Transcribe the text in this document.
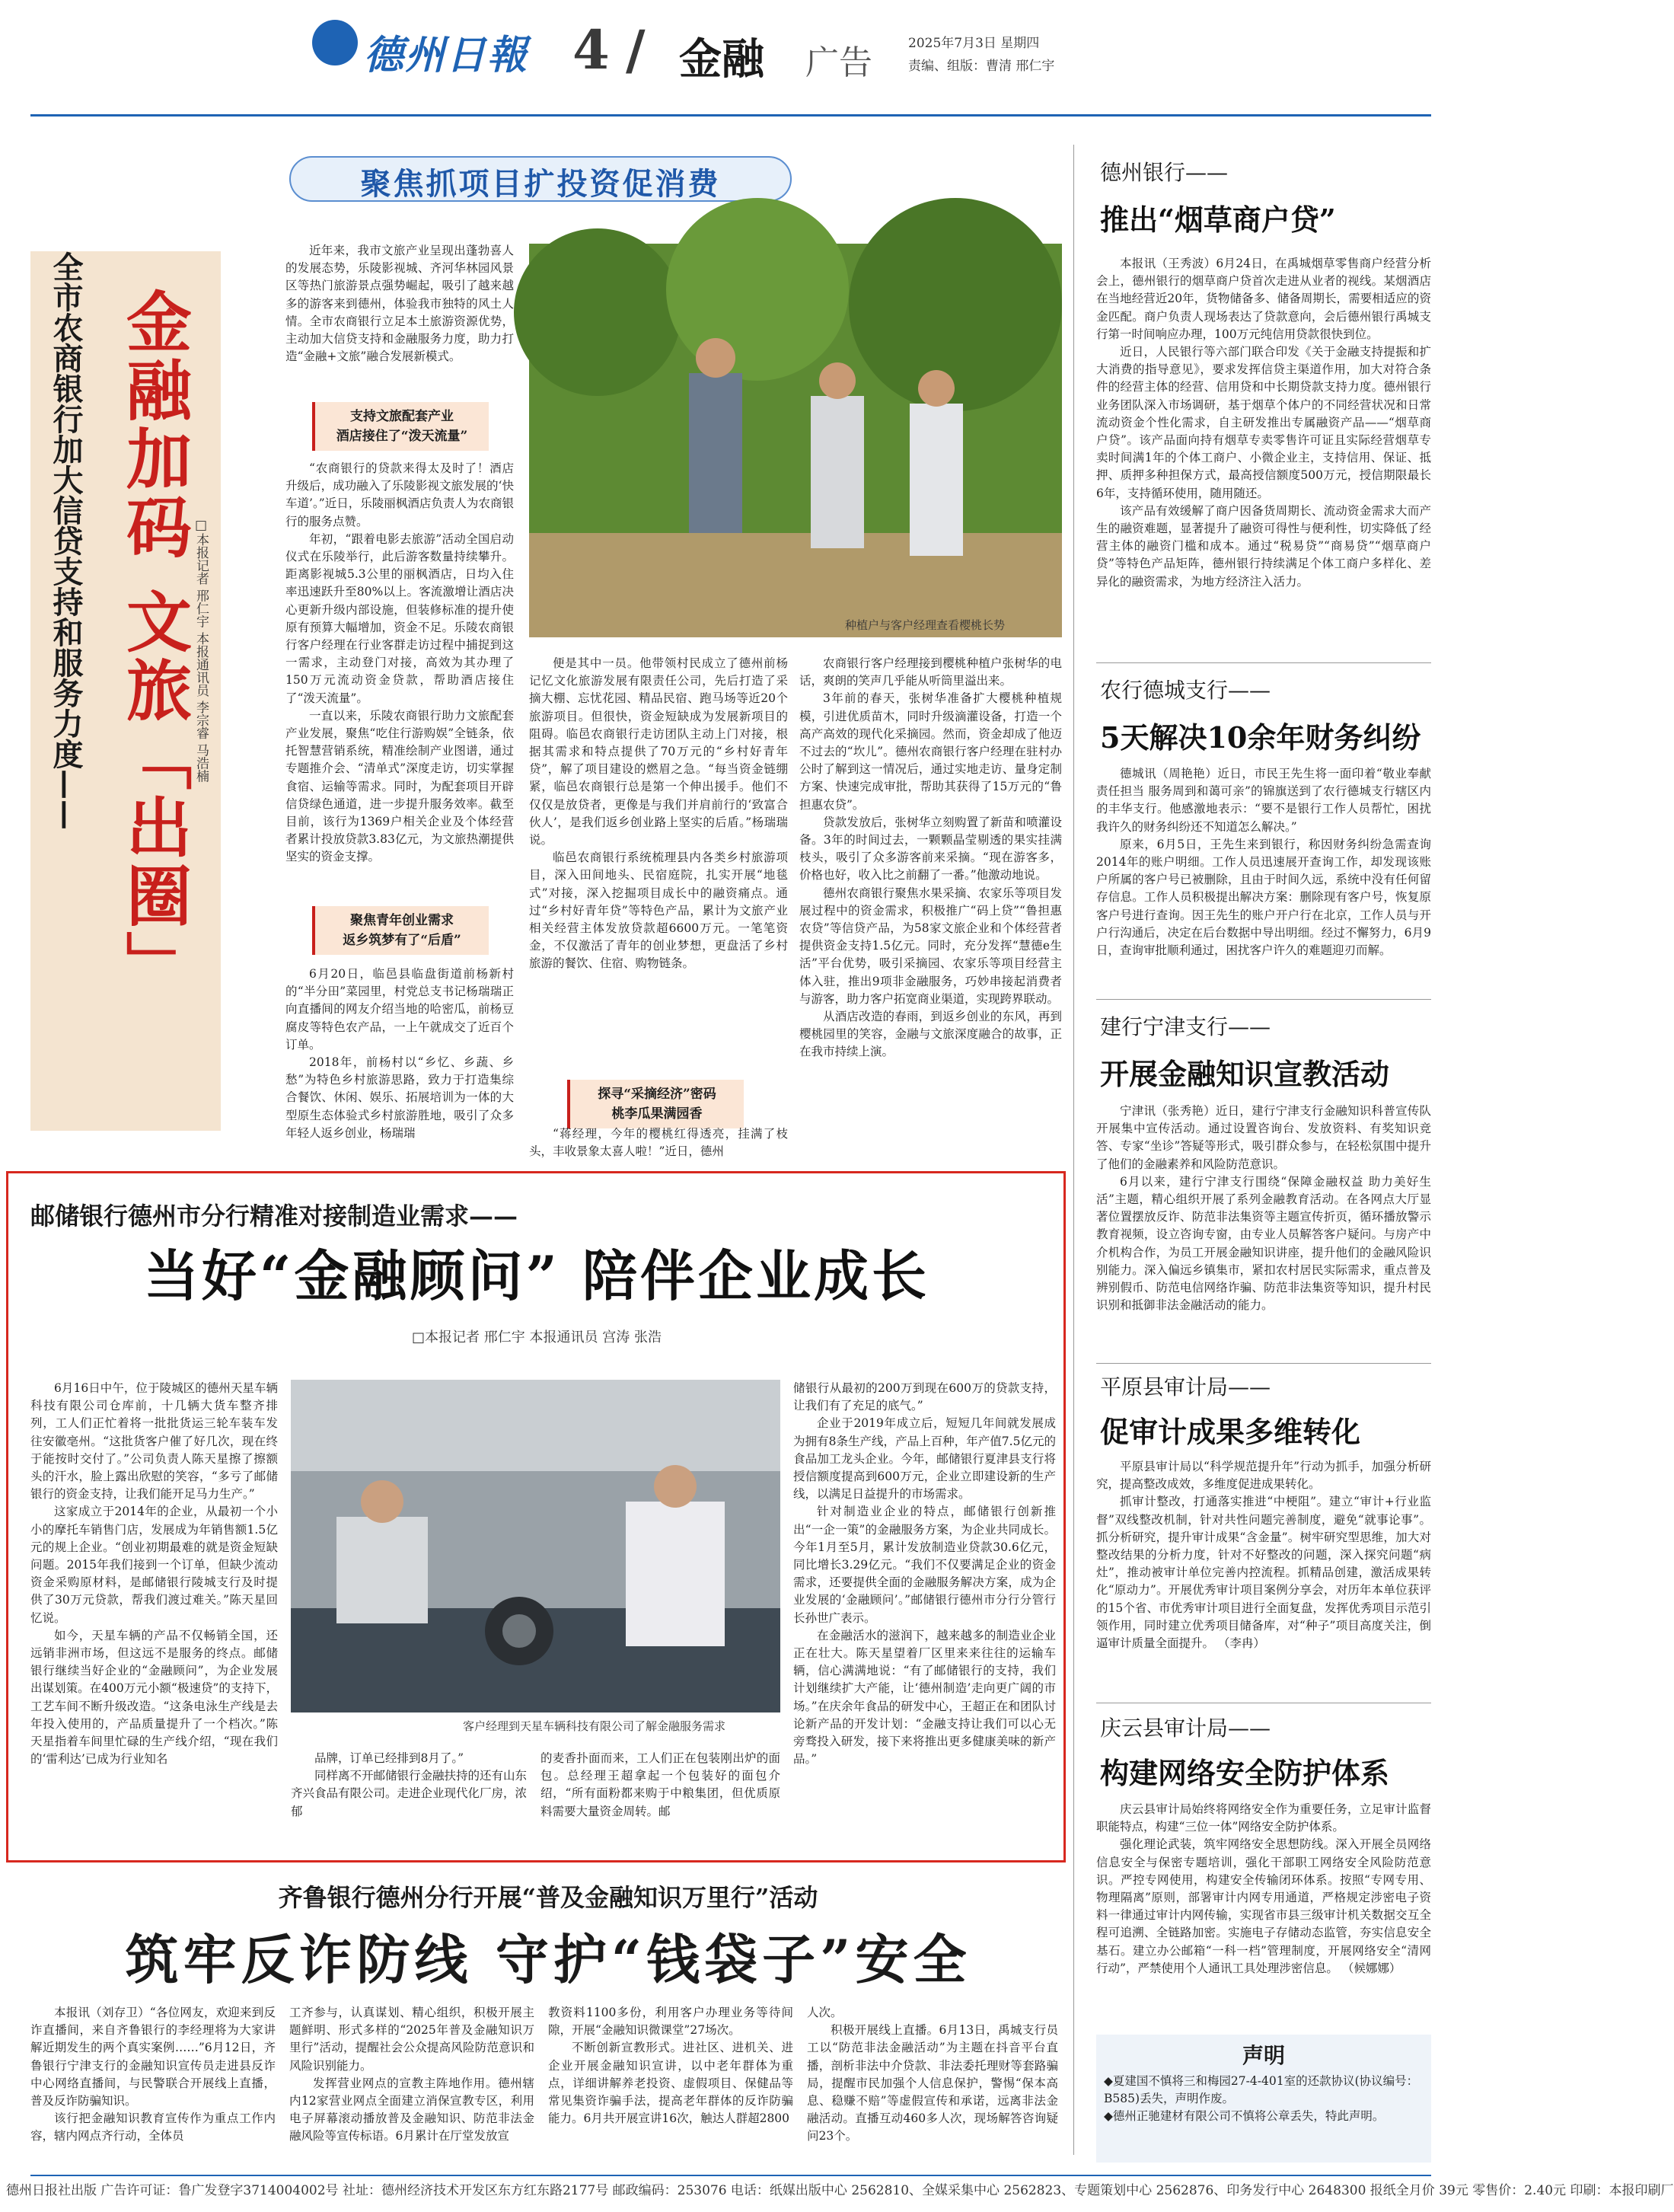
德州日報 4 / 金融 广告	2025年7月3日 星期四
责编、组版：曹清 邢仁宇
聚焦抓项目扩投资促消费
全市农商银行加大信贷支持和服务力度—— 金融加码 文旅「出圈」 □本报记者 邢仁宇 本报通讯员 李宗睿 马浩楠

近年来，我市文旅产业呈现出蓬勃喜人的发展态势，乐陵影视城、齐河华林园风景区等热门旅游景点强势崛起，吸引了越来越多的游客来到德州，体验我市独特的风土人情。全市农商银行立足本土旅游资源优势，主动加大信贷支持和金融服务力度，助力打造“金融+文旅”融合发展新模式。

支持文旅配套产业
酒店接住了“泼天流量”

“农商银行的贷款来得太及时了！酒店升级后，成功融入了乐陵影视文旅发展的‘快车道’。”近日，乐陵丽枫酒店负责人为农商银行的服务点赞。

年初，“跟着电影去旅游”活动全国启动仪式在乐陵举行，此后游客数量持续攀升。距离影视城5.3公里的丽枫酒店，日均入住率迅速跃升至80%以上。客流激增让酒店决心更新升级内部设施，但装修标准的提升使原有预算大幅增加，资金不足。乐陵农商银行客户经理在行业客群走访过程中捕捉到这一需求，主动登门对接，高效为其办理了150万元流动资金贷款，帮助酒店接住了“泼天流量”。

一直以来，乐陵农商银行助力文旅配套产业发展，聚焦“吃住行游购娱”全链条，依托智慧营销系统，精准绘制产业图谱，通过专题推介会、“清单式”深度走访，切实掌握食宿、运输等需求。同时，为配套项目开辟信贷绿色通道，进一步提升服务效率。截至目前，该行为1369户相关企业及个体经营者累计投放贷款3.83亿元，为文旅热潮提供坚实的资金支撑。

聚焦青年创业需求
返乡筑梦有了“后盾”

6月20日，临邑县临盘街道前杨新村的“半分田”菜园里，村党总支书记杨瑞瑞正向直播间的网友介绍当地的哈密瓜，前杨豆腐皮等特色农产品，一上午就成交了近百个订单。

2018年，前杨村以“乡忆、乡蔬、乡愁”为特色乡村旅游思路，致力于打造集综合餐饮、休闲、娱乐、拓展培训为一体的大型原生态体验式乡村旅游胜地，吸引了众多年轻人返乡创业，杨瑞瑞

种植户与客户经理查看樱桃长势

便是其中一员。他带领村民成立了德州前杨记忆文化旅游发展有限责任公司，先后打造了采摘大棚、忘忧花园、精品民宿、跑马场等近20个旅游项目。但很快，资金短缺成为发展新项目的阻碍。临邑农商银行走访团队主动上门对接，根据其需求和特点提供了70万元的“乡村好青年贷”，解了项目建设的燃眉之急。“每当资金链绷紧，临邑农商银行总是第一个伸出援手。他们不仅仅是放贷者，更像是与我们并肩前行的‘致富合伙人’，是我们返乡创业路上坚实的后盾。”杨瑞瑞说。

临邑农商银行系统梳理县内各类乡村旅游项目，深入田间地头、民宿庭院，扎实开展“地毯式”对接，深入挖掘项目成长中的融资痛点。通过“乡村好青年贷”等特色产品，累计为文旅产业相关经营主体发放贷款超6600万元。一笔笔资金，不仅激活了青年的创业梦想，更盘活了乡村旅游的餐饮、住宿、购物链条。

探寻“采摘经济”密码
桃李瓜果满园香

“蒋经理，今年的樱桃红得透亮，挂满了枝头，丰收景象太喜人啦！”近日，德州

农商银行客户经理接到樱桃种植户张树华的电话，爽朗的笑声几乎能从听筒里溢出来。

3年前的春天，张树华准备扩大樱桃种植规模，引进优质苗木，同时升级滴灌设备，打造一个高产高效的现代化采摘园。然而，资金却成了他迈不过去的“坎儿”。德州农商银行客户经理在驻村办公时了解到这一情况后，通过实地走访、量身定制方案、快速完成审批，帮助其获得了15万元的“鲁担惠农贷”。

贷款发放后，张树华立刻购置了新苗和喷灌设备。3年的时间过去，一颗颗晶莹剔透的果实挂满枝头，吸引了众多游客前来采摘。“现在游客多，价格也好，收入比之前翻了一番。”他激动地说。

德州农商银行聚焦水果采摘、农家乐等项目发展过程中的资金需求，积极推广“码上贷”“鲁担惠农贷”等信贷产品，为58家文旅企业和个体经营者提供资金支持1.5亿元。同时，充分发挥“慧德e生活”平台优势，吸引采摘园、农家乐等项目经营主体入驻，推出9项非金融服务，巧妙串接起消费者与游客，助力客户拓宽商业渠道，实现跨界联动。

从酒店改造的春雨，到返乡创业的东风，再到樱桃园里的笑容，金融与文旅深度融合的故事，正在我市持续上演。

邮储银行德州市分行精准对接制造业需求——
当好“金融顾问” 陪伴企业成长
□本报记者 邢仁宇 本报通讯员 宫涛 张浩

6月16日中午，位于陵城区的德州天星车辆科技有限公司仓库前，十几辆大货车整齐排列，工人们正忙着将一批批货运三轮车装车发往安徽亳州。“这批货客户催了好几次，现在终于能按时交付了。”公司负责人陈天星擦了擦额头的汗水，脸上露出欣慰的笑容，“多亏了邮储银行的资金支持，让我们能开足马力生产。”

这家成立于2014年的企业，从最初一个小小的摩托车销售门店，发展成为年销售额1.5亿元的规上企业。“创业初期最难的就是资金短缺问题。2015年我们接到一个订单，但缺少流动资金采购原材料，是邮储银行陵城支行及时提供了30万元贷款，帮我们渡过难关。”陈天星回忆说。

如今，天星车辆的产品不仅畅销全国，还远销非洲市场，但这远不是服务的终点。邮储银行继续当好企业的“金融顾问”，为企业发展出谋划策。在400万元小额“极速贷”的支持下，工艺车间不断升级改造。“这条电泳生产线是去年投入使用的，产品质量提升了一个档次。”陈天星指着车间里忙碌的生产线介绍，“现在我们的‘雷利达’已成为行业知名

客户经理到天星车辆科技有限公司了解金融服务需求

品牌，订单已经排到8月了。”

同样离不开邮储银行金融扶持的还有山东齐兴食品有限公司。走进企业现代化厂房，浓郁

的麦香扑面而来，工人们正在包装刚出炉的面包。总经理王超拿起一个包装好的面包介绍，“所有面粉都来购于中粮集团，但优质原料需要大量资金周转。邮

储银行从最初的200万到现在600万的贷款支持，让我们有了充足的底气。”

企业于2019年成立后，短短几年间就发展成为拥有8条生产线，产品上百种，年产值7.5亿元的食品加工龙头企业。今年，邮储银行夏津县支行将授信额度提高到600万元，企业立即建设新的生产线，以满足日益提升的市场需求。

针对制造业企业的特点，邮储银行创新推出“一企一策”的金融服务方案，为企业共同成长。今年1月至5月，累计发放制造业贷款30.6亿元，同比增长3.29亿元。“我们不仅要满足企业的资金需求，还要提供全面的金融服务解决方案，成为企业发展的‘金融顾问’。”邮储银行德州市分行分管行长孙世广表示。

在金融活水的滋润下，越来越多的制造业企业正在壮大。陈天星望着厂区里来来往往的运输车辆，信心满满地说：“有了邮储银行的支持，我们计划继续扩大产能，让‘德州制造’走向更广阔的市场。”在庆余年食品的研发中心，王超正在和团队讨论新产品的开发计划：“金融支持让我们可以心无旁骛投入研发，接下来将推出更多健康美味的新产品。”

齐鲁银行德州分行开展“普及金融知识万里行”活动
筑牢反诈防线 守护“钱袋子”安全

本报讯（刘存卫）“各位网友，欢迎来到反诈直播间，来自齐鲁银行的李经理将为大家讲解近期发生的两个真实案例……”6月12日，齐鲁银行宁津支行的金融知识宣传员走进县反诈中心网络直播间，与民警联合开展线上直播，普及反诈防骗知识。

该行把金融知识教育宣传作为重点工作内容，辖内网点齐行动，全体员

工齐参与，认真谋划、精心组织，积极开展主题鲜明、形式多样的“2025年普及金融知识万里行”活动，提醒社会公众提高风险防范意识和风险识别能力。

发挥营业网点的宣教主阵地作用。德州辖内12家营业网点全面建立消保宣教专区，利用电子屏幕滚动播放普及金融知识、防范非法金融风险等宣传标语。6月累计在厅堂发放宣

教资料1100多份，利用客户办理业务等待间隙，开展“金融知识微课堂”27场次。

不断创新宣教形式。进社区、进机关、进企业开展金融知识宣讲，以中老年群体为重点，详细讲解养老投资、虚假项目、保健品等常见集资诈骗手法，提高老年群体的反诈防骗能力。6月共开展宣讲16次，触达人群超2800

人次。

积极开展线上直播。6月13日，禹城支行员工以“防范非法金融活动”为主题在抖音平台直播，剖析非法中介贷款、非法委托理财等套路骗局，提醒市民加强个人信息保护，警惕“保本高息、稳赚不赔”等虚假宣传和承诺，远离非法金融活动。直播互动460多人次，现场解答咨询疑问23个。

德州银行——
推出“烟草商户贷”

本报讯（王秀波）6月24日，在禹城烟草零售商户经营分析会上，德州银行的烟草商户贷首次走进从业者的视线。某烟酒店在当地经营近20年，货物储备多、储备周期长，需要相适应的资金匹配。商户负责人现场表达了贷款意向，会后德州银行禹城支行第一时间响应办理，100万元纯信用贷款很快到位。

近日，人民银行等六部门联合印发《关于金融支持提振和扩大消费的指导意见》，要求发挥信贷主渠道作用，加大对符合条件的经营主体的经营、信用贷和中长期贷款支持力度。德州银行业务团队深入市场调研，基于烟草个体户的不同经营状况和日常流动资金个性化需求，自主研发推出专属融资产品——“烟草商户贷”。该产品面向持有烟草专卖零售许可证且实际经营烟草专卖时间满1年的个体工商户、小微企业主，支持信用、保证、抵押、质押多种担保方式，最高授信额度500万元，授信期限最长6年，支持循环使用，随用随还。

该产品有效缓解了商户因备货周期长、流动资金需求大而产生的融资难题，显著提升了融资可得性与便利性，切实降低了经营主体的融资门槛和成本。通过“税易贷”“商易贷”“烟草商户贷”等特色产品矩阵，德州银行持续满足个体工商户多样化、差异化的融资需求，为地方经济注入活力。

农行德城支行——
5天解决10余年财务纠纷

德城讯（周艳艳）近日，市民王先生将一面印着“敬业奉献责任担当 服务周到和蔼可亲”的锦旗送到了农行德城支行辖区内的丰华支行。他感激地表示：“要不是银行工作人员帮忙，困扰我许久的财务纠纷还不知道怎么解决。”

原来，6月5日，王先生来到银行，称因财务纠纷急需查询2014年的账户明细。工作人员迅速展开查询工作，却发现该账户所属的客户号已被删除，且由于时间久远，系统中没有任何留存信息。工作人员积极提出解决方案：删除现有客户号，恢复原客户号进行查询。因王先生的账户开户行在北京，工作人员与开户行沟通后，决定在后台数据中导出明细。经过不懈努力，6月9日，查询审批顺利通过，困扰客户许久的难题迎刃而解。

建行宁津支行——
开展金融知识宣教活动

宁津讯（张秀艳）近日，建行宁津支行金融知识科普宣传队开展集中宣传活动。通过设置咨询台、发放资料、有奖知识竞答、专家“坐诊”答疑等形式，吸引群众参与，在轻松氛围中提升了他们的金融素养和风险防范意识。

6月以来，建行宁津支行围绕“保障金融权益 助力美好生活”主题，精心组织开展了系列金融教育活动。在各网点大厅显著位置摆放反诈、防范非法集资等主题宣传折页，循环播放警示教育视频，设立咨询专窗，由专业人员解答客户疑问。与房产中介机构合作，为员工开展金融知识讲座，提升他们的金融风险识别能力。深入偏远乡镇集市，紧扣农村居民实际需求，重点普及辨别假币、防范电信网络诈骗、防范非法集资等知识，提升村民识别和抵御非法金融活动的能力。

平原县审计局——
促审计成果多维转化

平原县审计局以“科学规范提升年”行动为抓手，加强分析研究，提高整改成效，多维度促进成果转化。

抓审计整改，打通落实推进“中梗阻”。建立“审计+行业监督”双线整改机制，针对共性问题完善制度，避免“就事论事”。抓分析研究，提升审计成果“含金量”。树牢研究型思维，加大对整改结果的分析力度，针对不好整改的问题，深入探究问题“病灶”，推动被审计单位完善内控流程。抓精品创建，激活成果转化“原动力”。开展优秀审计项目案例分享会，对历年本单位获评的15个省、市优秀审计项目进行全面复盘，发挥优秀项目示范引领作用，同时建立优秀项目储备库，对“种子”项目高度关注，倒逼审计质量全面提升。 （李冉）

庆云县审计局——
构建网络安全防护体系

庆云县审计局始终将网络安全作为重要任务，立足审计监督职能特点，构建“三位一体”网络安全防护体系。

强化理论武装，筑牢网络安全思想防线。深入开展全员网络信息安全与保密专题培训，强化干部职工网络安全风险防范意识。严控专网使用，构建安全传输闭环体系。按照“专网专用、物理隔离”原则，部署审计内网专用通道，严格规定涉密电子资料一律通过审计内网传输，实现省市县三级审计机关数据交互全程可追溯、全链路加密。实施电子存储动态监管，夯实信息安全基石。建立办公邮箱“一科一档”管理制度，开展网络安全“清网行动”，严禁使用个人通讯工具处理涉密信息。 （候娜娜）

声明
◆夏建国不慎将三和梅园27-4-401室的还款协议(协议编号：B585)丢失，声明作废。
◆德州正驰建材有限公司不慎将公章丢失，特此声明。
德州日报社出版 广告许可证：鲁广发登字3714004002号 社址：德州经济技术开发区东方红东路2177号 邮政编码：253076 电话：纸媒出版中心 2562810、全媒采集中心 2562823、专题策划中心 2562876、印务发行中心 2648300 报纸全月价 39元 零售价：2.40元 印刷：本报印刷厂
